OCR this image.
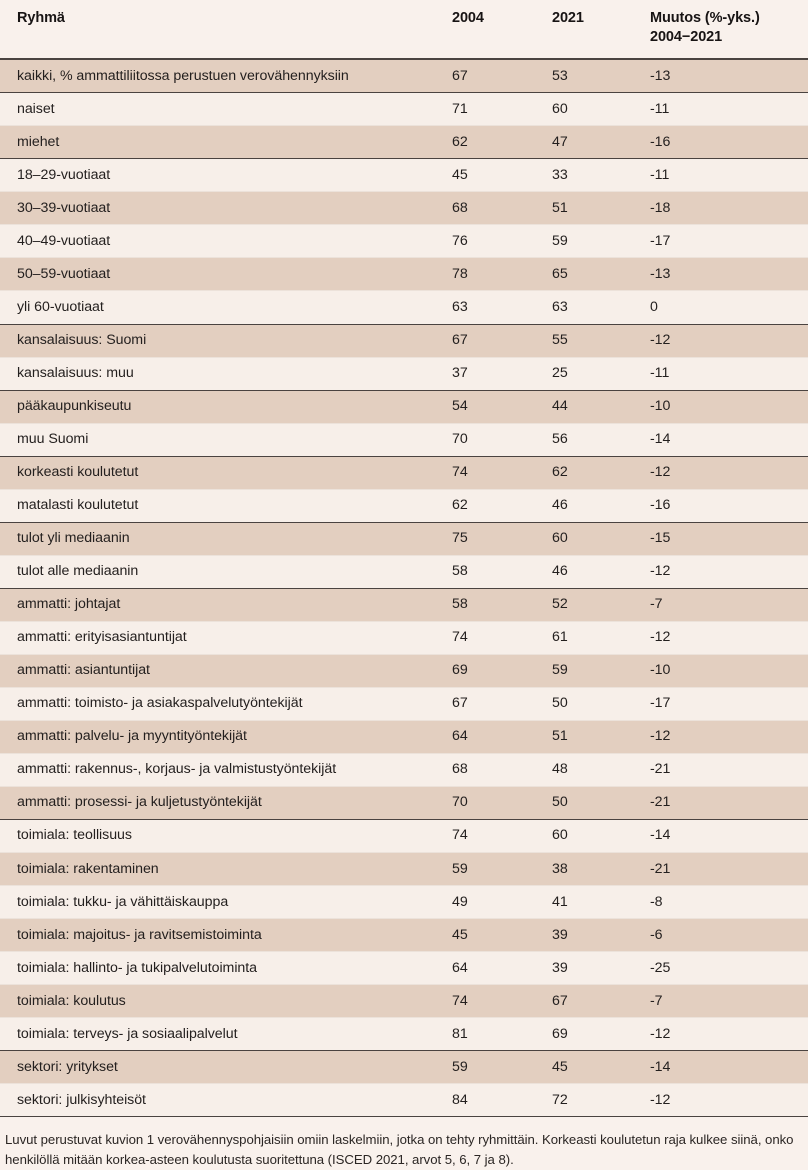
Ryhmä	2004	2021	Muutos (%-yks.)
2004−2021
kaikki, % ammattiliitossa perustuen verovähennyksiin	67	53	-13
naiset	71	60	-11
miehet	62	47	-16
18–29-vuotiaat	45	33	-11
30–39-vuotiaat	68	51	-18
40–49-vuotiaat	76	59	-17
50–59-vuotiaat	78	65	-13
yli 60-vuotiaat	63	63	0
kansalaisuus: Suomi	67	55	-12
kansalaisuus: muu	37	25	-11
pääkaupunkiseutu	54	44	-10
muu Suomi	70	56	-14
korkeasti koulutetut	74	62	-12
matalasti koulutetut	62	46	-16
tulot yli mediaanin	75	60	-15
tulot alle mediaanin	58	46	-12
ammatti: johtajat	58	52	-7
ammatti: erityisasiantuntijat	74	61	-12
ammatti: asiantuntijat	69	59	-10
ammatti: toimisto- ja asiakaspalvelutyöntekijät	67	50	-17
ammatti: palvelu- ja myyntityöntekijät	64	51	-12
ammatti: rakennus-, korjaus- ja valmistustyöntekijät	68	48	-21
ammatti: prosessi- ja kuljetustyöntekijät	70	50	-21
toimiala: teollisuus	74	60	-14
toimiala: rakentaminen	59	38	-21
toimiala: tukku- ja vähittäiskauppa	49	41	-8
toimiala: majoitus- ja ravitsemistoiminta	45	39	-6
toimiala: hallinto- ja tukipalvelutoiminta	64	39	-25
toimiala: koulutus	74	67	-7
toimiala: terveys- ja sosiaalipalvelut	81	69	-12
sektori: yritykset	59	45	-14
sektori: julkisyhteisöt	84	72	-12
Luvut perustuvat kuvion 1 verovähennyspohjaisiin omiin laskelmiin, jotka on tehty ryhmittäin. Korkeasti koulutetun raja kulkee siinä, onko henkilöllä mitään korkea-asteen koulutusta suoritettuna (ISCED 2021, arvot 5, 6, 7 ja 8).
